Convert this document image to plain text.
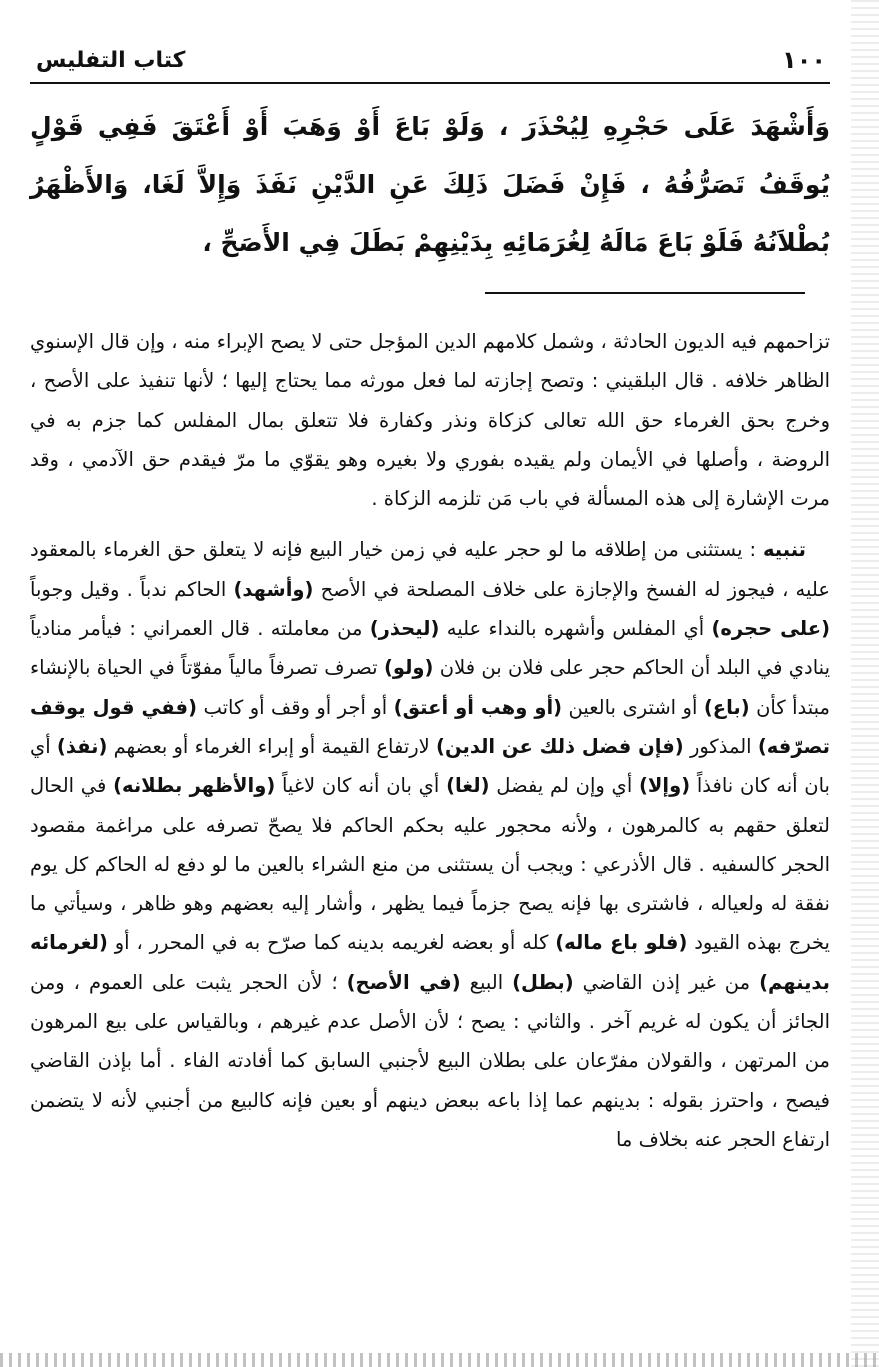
١٠٠
كتاب التفليس

وَأَشْهَدَ عَلَى حَجْرِهِ لِيُحْذَرَ ، وَلَوْ بَاعَ أَوْ وَهَبَ أَوْ أَعْتَقَ فَفِي قَوْلٍ يُوقَفُ تَصَرُّفُهُ ، فَإِنْ فَضَلَ ذَلِكَ عَنِ الدَّيْنِ نَفَذَ وَإِلاَّ لَغَا، وَالأَظْهَرُ بُطْلاَنُهُ فَلَوْ بَاعَ مَالَهُ لِغُرَمَائِهِ بِدَيْنِهِمْ بَطَلَ فِي الأَصَحِّ ،

تزاحمهم فيه الديون الحادثة ، وشمل كلامهم الدين المؤجل حتى لا يصح الإبراء منه ، وإن قال الإسنوي الظاهر خلافه . قال البلقيني : وتصح إجازته لما فعل مورثه مما يحتاج إليها ؛ لأنها تنفيذ على الأصح ، وخرج بحق الغرماء حق الله تعالى كزكاة ونذر وكفارة فلا تتعلق بمال المفلس كما جزم به في الروضة ، وأصلها في الأيمان ولم يقيده بفوري ولا بغيره وهو يقوّي ما مرّ فيقدم حق الآدمي ، وقد مرت الإشارة إلى هذه المسألة في باب مَن تلزمه الزكاة .

تنبيه : يستثنى من إطلاقه ما لو حجر عليه في زمن خيار البيع فإنه لا يتعلق حق الغرماء بالمعقود عليه ، فيجوز له الفسخ والإجازة على خلاف المصلحة في الأصح (وأشهد) الحاكم ندباً . وقيل وجوباً (على حجره) أي المفلس وأشهره بالنداء عليه (ليحذر) من معاملته . قال العمراني : فيأمر منادياً ينادي في البلد أن الحاكم حجر على فلان بن فلان (ولو) تصرف تصرفاً مالياً مفوّتاً في الحياة بالإنشاء مبتدأ كأن (باع) أو اشترى بالعين (أو وهب أو أعتق) أو أجر أو وقف أو كاتب (ففي قول يوقف تصرّفه) المذكور (فإن فضل ذلك عن الدين) لارتفاع القيمة أو إبراء الغرماء أو بعضهم (نفذ) أي بان أنه كان نافذاً (وإلا) أي وإن لم يفضل (لغا) أي بان أنه كان لاغياً (والأظهر بطلانه) في الحال لتعلق حقهم به كالمرهون ، ولأنه محجور عليه بحكم الحاكم فلا يصحّ تصرفه على مراغمة مقصود الحجر كالسفيه . قال الأذرعي : ويجب أن يستثنى من منع الشراء بالعين ما لو دفع له الحاكم كل يوم نفقة له ولعياله ، فاشترى بها فإنه يصح جزماً فيما يظهر ، وأشار إليه بعضهم وهو ظاهر ، وسيأتي ما يخرج بهذه القيود (فلو باع ماله) كله أو بعضه لغريمه بدينه كما صرّح به في المحرر ، أو (لغرمائه بدينهم) من غير إذن القاضي (بطل) البيع (في الأصح) ؛ لأن الحجر يثبت على العموم ، ومن الجائز أن يكون له غريم آخر . والثاني : يصح ؛ لأن الأصل عدم غيرهم ، وبالقياس على بيع المرهون من المرتهن ، والقولان مفرّعان على بطلان البيع لأجنبي السابق كما أفادته الفاء . أما بإذن القاضي فيصح ، واحترز بقوله : بدينهم عما إذا باعه ببعض دينهم أو بعين فإنه كالبيع من أجنبي لأنه لا يتضمن ارتفاع الحجر عنه بخلاف ما
